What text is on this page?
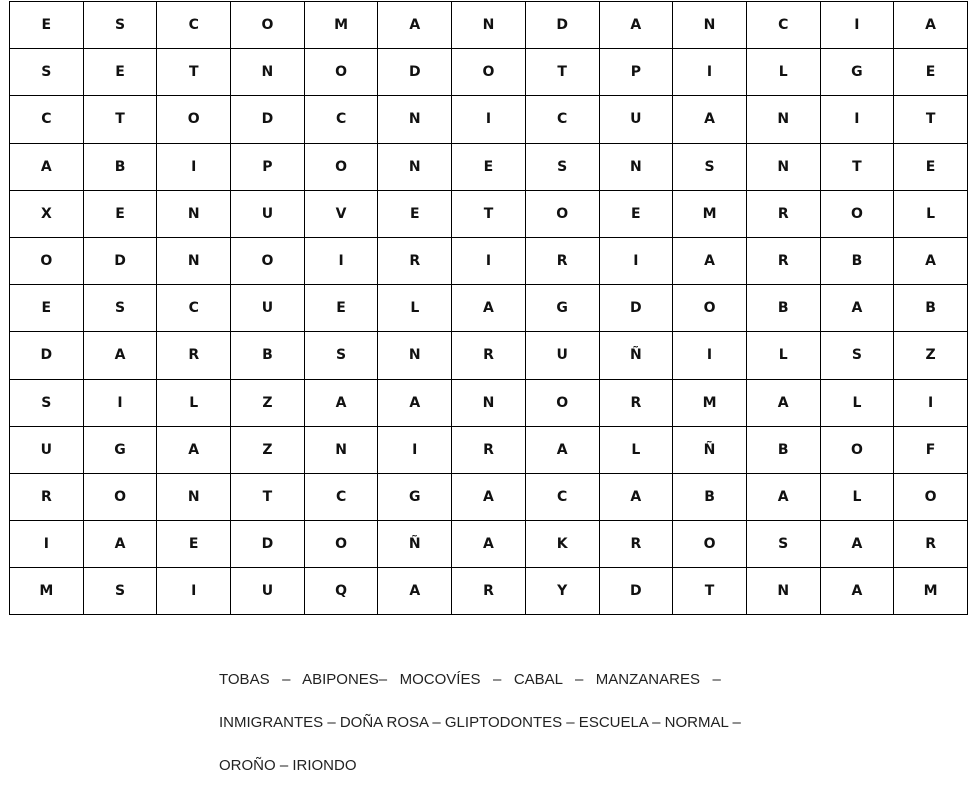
E	S	C	O	M	A	N	D	A	N	C	I	A

S	E	T	N	O	D	O	T	P	I	L	G	E

C	T	O	D	C	N	I	C	U	A	N	I	T

A	B	I	P	O	N	E	S	N	S	N	T	E

X	E	N	U	V	E	T	O	E	M	R	O	L

O	D	N	O	I	R	I	R	I	A	R	B	A

E	S	C	U	E	L	A	G	D	O	B	A	B

D	A	R	B	S	N	R	U	Ñ	I	L	S	Z

S	I	L	Z	A	A	N	O	R	M	A	L	I

U	G	A	Z	N	I	R	A	L	Ñ	B	O	F

R	O	N	T	C	G	A	C	A	B	A	L	O

I	A	E	D	O	Ñ	A	K	R	O	S	A	R

M	S	I	U	Q	A	R	Y	D	T	N	A	M
TOBAS   –   ABIPONES–   MOCOVÍES   –   CABAL   –   MANZANARES   –
INMIGRANTES – DOÑA ROSA – GLIPTODONTES – ESCUELA – NORMAL –
OROÑO – IRIONDO
